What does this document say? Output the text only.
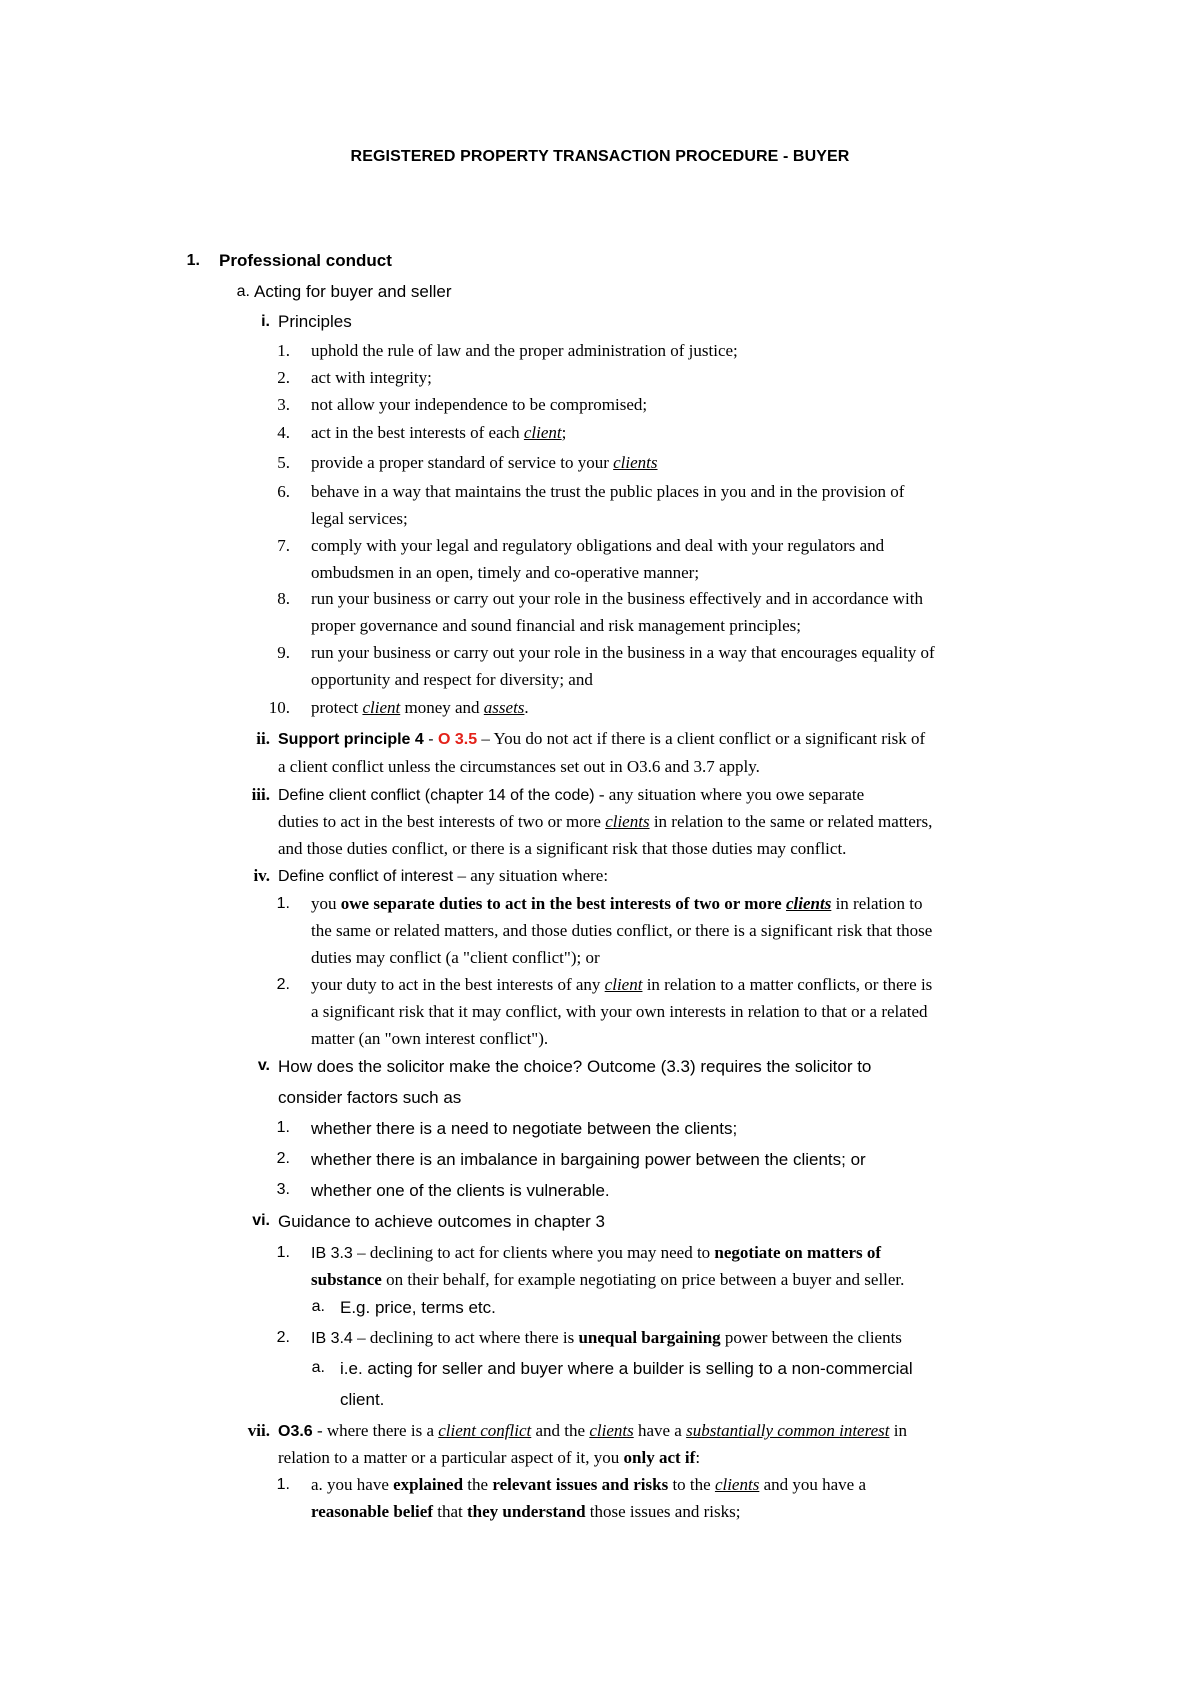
REGISTERED PROPERTY TRANSACTION PROCEDURE - BUYER
1. Professional conduct
a. Acting for buyer and seller
i. Principles
1. uphold the rule of law and the proper administration of justice;
2. act with integrity;
3. not allow your independence to be compromised;
4. act in the best interests of each client;
5. provide a proper standard of service to your clients
6. behave in a way that maintains the trust the public places in you and in the provision of
legal services;
7. comply with your legal and regulatory obligations and deal with your regulators and
ombudsmen in an open, timely and co-operative manner;
8. run your business or carry out your role in the business effectively and in accordance with
proper governance and sound financial and risk management principles;
9. run your business or carry out your role in the business in a way that encourages equality of
opportunity and respect for diversity; and
10. protect client money and assets.
ii. Support principle 4 - O 3.5 – You do not act if there is a client conflict or a significant risk of
a client conflict unless the circumstances set out in O3.6 and 3.7 apply.
iii. Define client conflict (chapter 14 of the code) - any situation where you owe separate
duties to act in the best interests of two or more clients in relation to the same or related matters,
and those duties conflict, or there is a significant risk that those duties may conflict.
iv. Define conflict of interest – any situation where:
1. you owe separate duties to act in the best interests of two or more clients in relation to
the same or related matters, and those duties conflict, or there is a significant risk that those
duties may conflict (a "client conflict"); or
2. your duty to act in the best interests of any client in relation to a matter conflicts, or there is
a significant risk that it may conflict, with your own interests in relation to that or a related
matter (an "own interest conflict").
v. How does the solicitor make the choice? Outcome (3.3) requires the solicitor to
consider factors such as
1. whether there is a need to negotiate between the clients;
2. whether there is an imbalance in bargaining power between the clients; or
3. whether one of the clients is vulnerable.
vi. Guidance to achieve outcomes in chapter 3
1. IB 3.3 – declining to act for clients where you may need to negotiate on matters of
substance on their behalf, for example negotiating on price between a buyer and seller.
a. E.g. price, terms etc.
2. IB 3.4 – declining to act where there is unequal bargaining power between the clients
a. i.e. acting for seller and buyer where a builder is selling to a non-commercial
client.
vii. O3.6 - where there is a client conflict and the clients have a substantially common interest in
relation to a matter or a particular aspect of it, you only act if:
1. a. you have explained the relevant issues and risks to the clients and you have a
reasonable belief that they understand those issues and risks;
